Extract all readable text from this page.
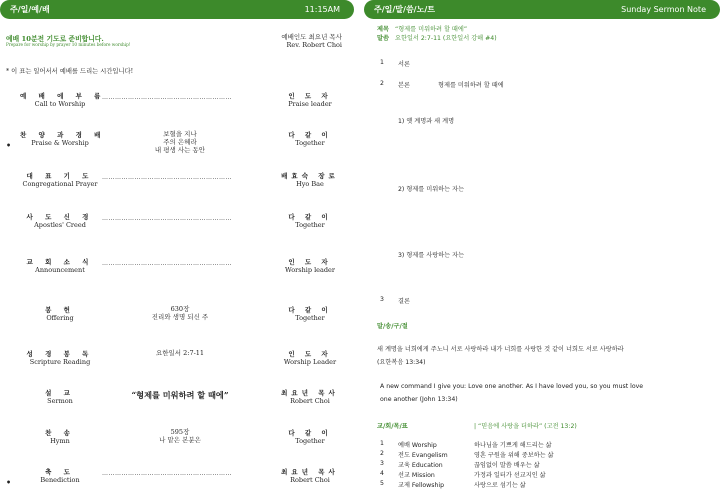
주/일/예/배	11:15AM
예배 10분전 기도로 준비합니다.
Prepare for worship by prayer 10 minutes before worship!
예배인도 최요년 목사
Rev. Robert Choi
* 이 표는 일어서서 예배를 드리는 시간입니다!
예 배 에 부 름
Call to Worship
……………………………………………………	인 도 자
Praise leader
•
찬 양 과 경 배
Praise & Worship
보혈을 지나
주의 은혜라
내 평생 사는 동안
다 같 이
Together
대 표 기 도
Congregational Prayer
……………………………………………………	배효숙 장로
Hyo Bae
사 도 신 경
Apostles' Creed
……………………………………………………	다 같 이
Together
교 회 소 식
Announcement
……………………………………………………	인 도 자
Worship leader
봉 헌
Offering
630장
진리와 생명 되신 주
다 같 이
Together
성 경 봉 독
Scripture Reading
요한일서 2:7-11	인 도 자
Worship Leader
설 교
Sermon
“형제를 미워하려 할 때에”	최요년 목사
Robert Choi
찬 송
Hymn
595장
나 맡은 본분은
다 같 이
Together
•
축 도
Benediction
……………………………………………………	최요년 목사
Robert Choi
주/일/말/씀/노/트	Sunday Sermon Note
제목 “형제를 미워하려 할 때에”
말씀 요한일서 2:7-11 (요한일서 강해 #4)
1 서론
2 본론	형제를 미워하려 할 때에
1) 옛 계명과 새 계명
2) 형제를 미워하는 자는
3) 형제를 사랑하는 자는
3 결론
말/송/구/절
새 계명을 너희에게 주노니 서로 사랑하라 내가 너희를 사랑한 것 같이 너희도 서로 사랑하라
(요한복음 13:34)
A new command I give you: Love one another. As I have loved you, so you must love
one another (John 13:34)
교/회/목/표	| “믿음에 사랑을 더하라” (고전 13:2)
1 예배 Worship	하나님을 기쁘게 해드리는 삶
2 전도 Evangelism	영혼 구원을 위해 중보하는 삶
3 교육 Education	끊임없이 말씀 배우는 삶
4 선교 Mission	가정과 일터가 선교지인 삶
5 교제 Fellowship	사랑으로 섬기는 삶
